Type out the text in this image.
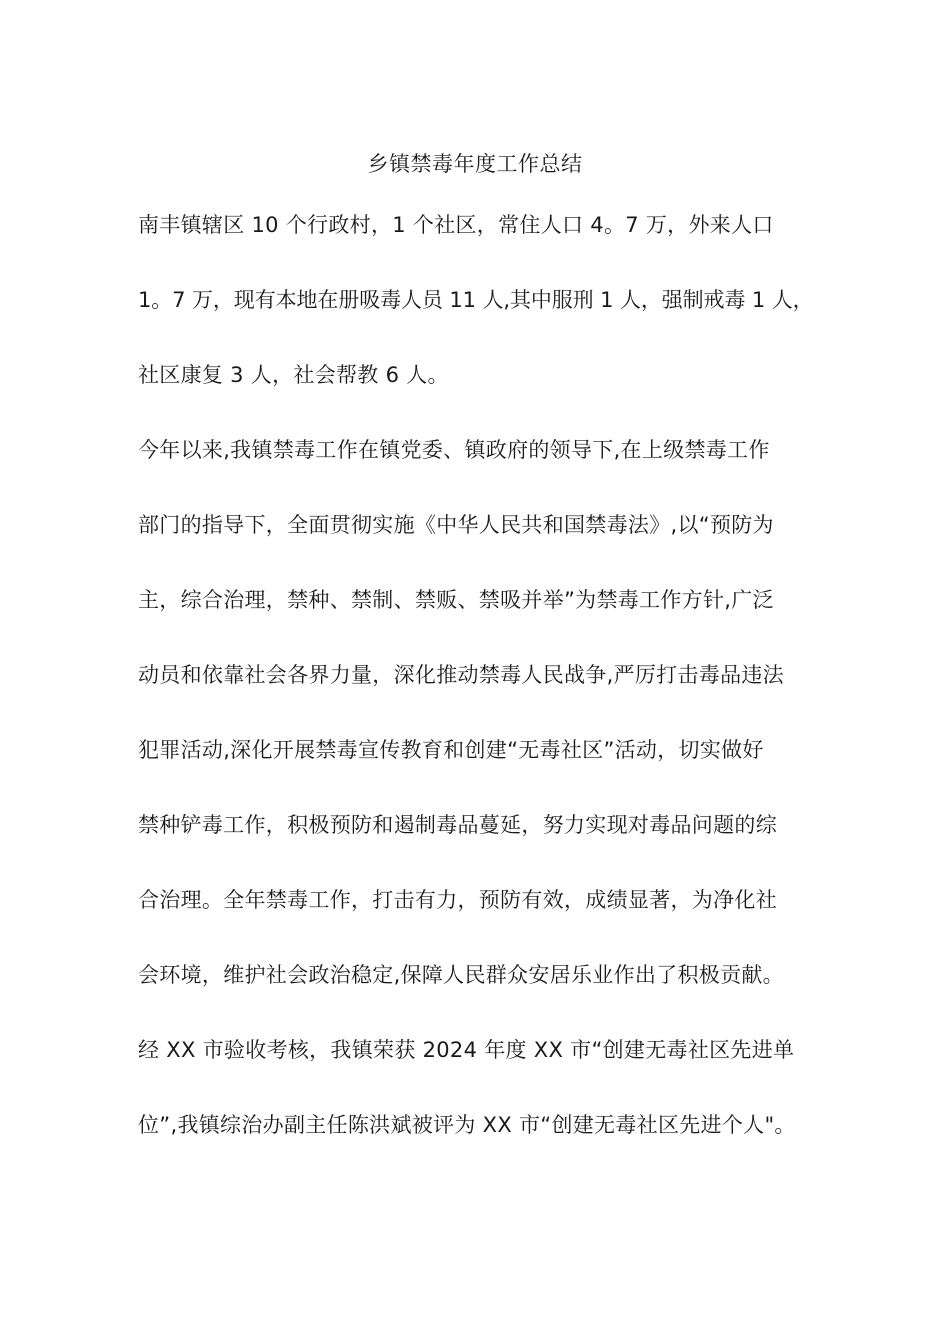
乡镇禁毒年度工作总结
南丰镇辖区 10 个行政村，1 个社区，常住人口 4。7 万，外来人口
1。7 万，现有本地在册吸毒人员 11 人,其中服刑 1 人，强制戒毒 1 人，
社区康复 3 人，社会帮教 6 人。
今年以来,我镇禁毒工作在镇党委、镇政府的领导下,在上级禁毒工作
部门的指导下，全面贯彻实施《中华人民共和国禁毒法》,以“预防为
主，综合治理，禁种、禁制、禁贩、禁吸并举”为禁毒工作方针,广泛
动员和依靠社会各界力量，深化推动禁毒人民战争,严厉打击毒品违法
犯罪活动,深化开展禁毒宣传教育和创建“无毒社区”活动，切实做好
禁种铲毒工作，积极预防和遏制毒品蔓延，努力实现对毒品问题的综
合治理。全年禁毒工作，打击有力，预防有效，成绩显著，为净化社
会环境，维护社会政治稳定,保障人民群众安居乐业作出了积极贡献。
经 XX 市验收考核，我镇荣获 2024 年度 XX 市“创建无毒社区先进单
位”,我镇综治办副主任陈洪斌被评为 XX 市“创建无毒社区先进个人"。
